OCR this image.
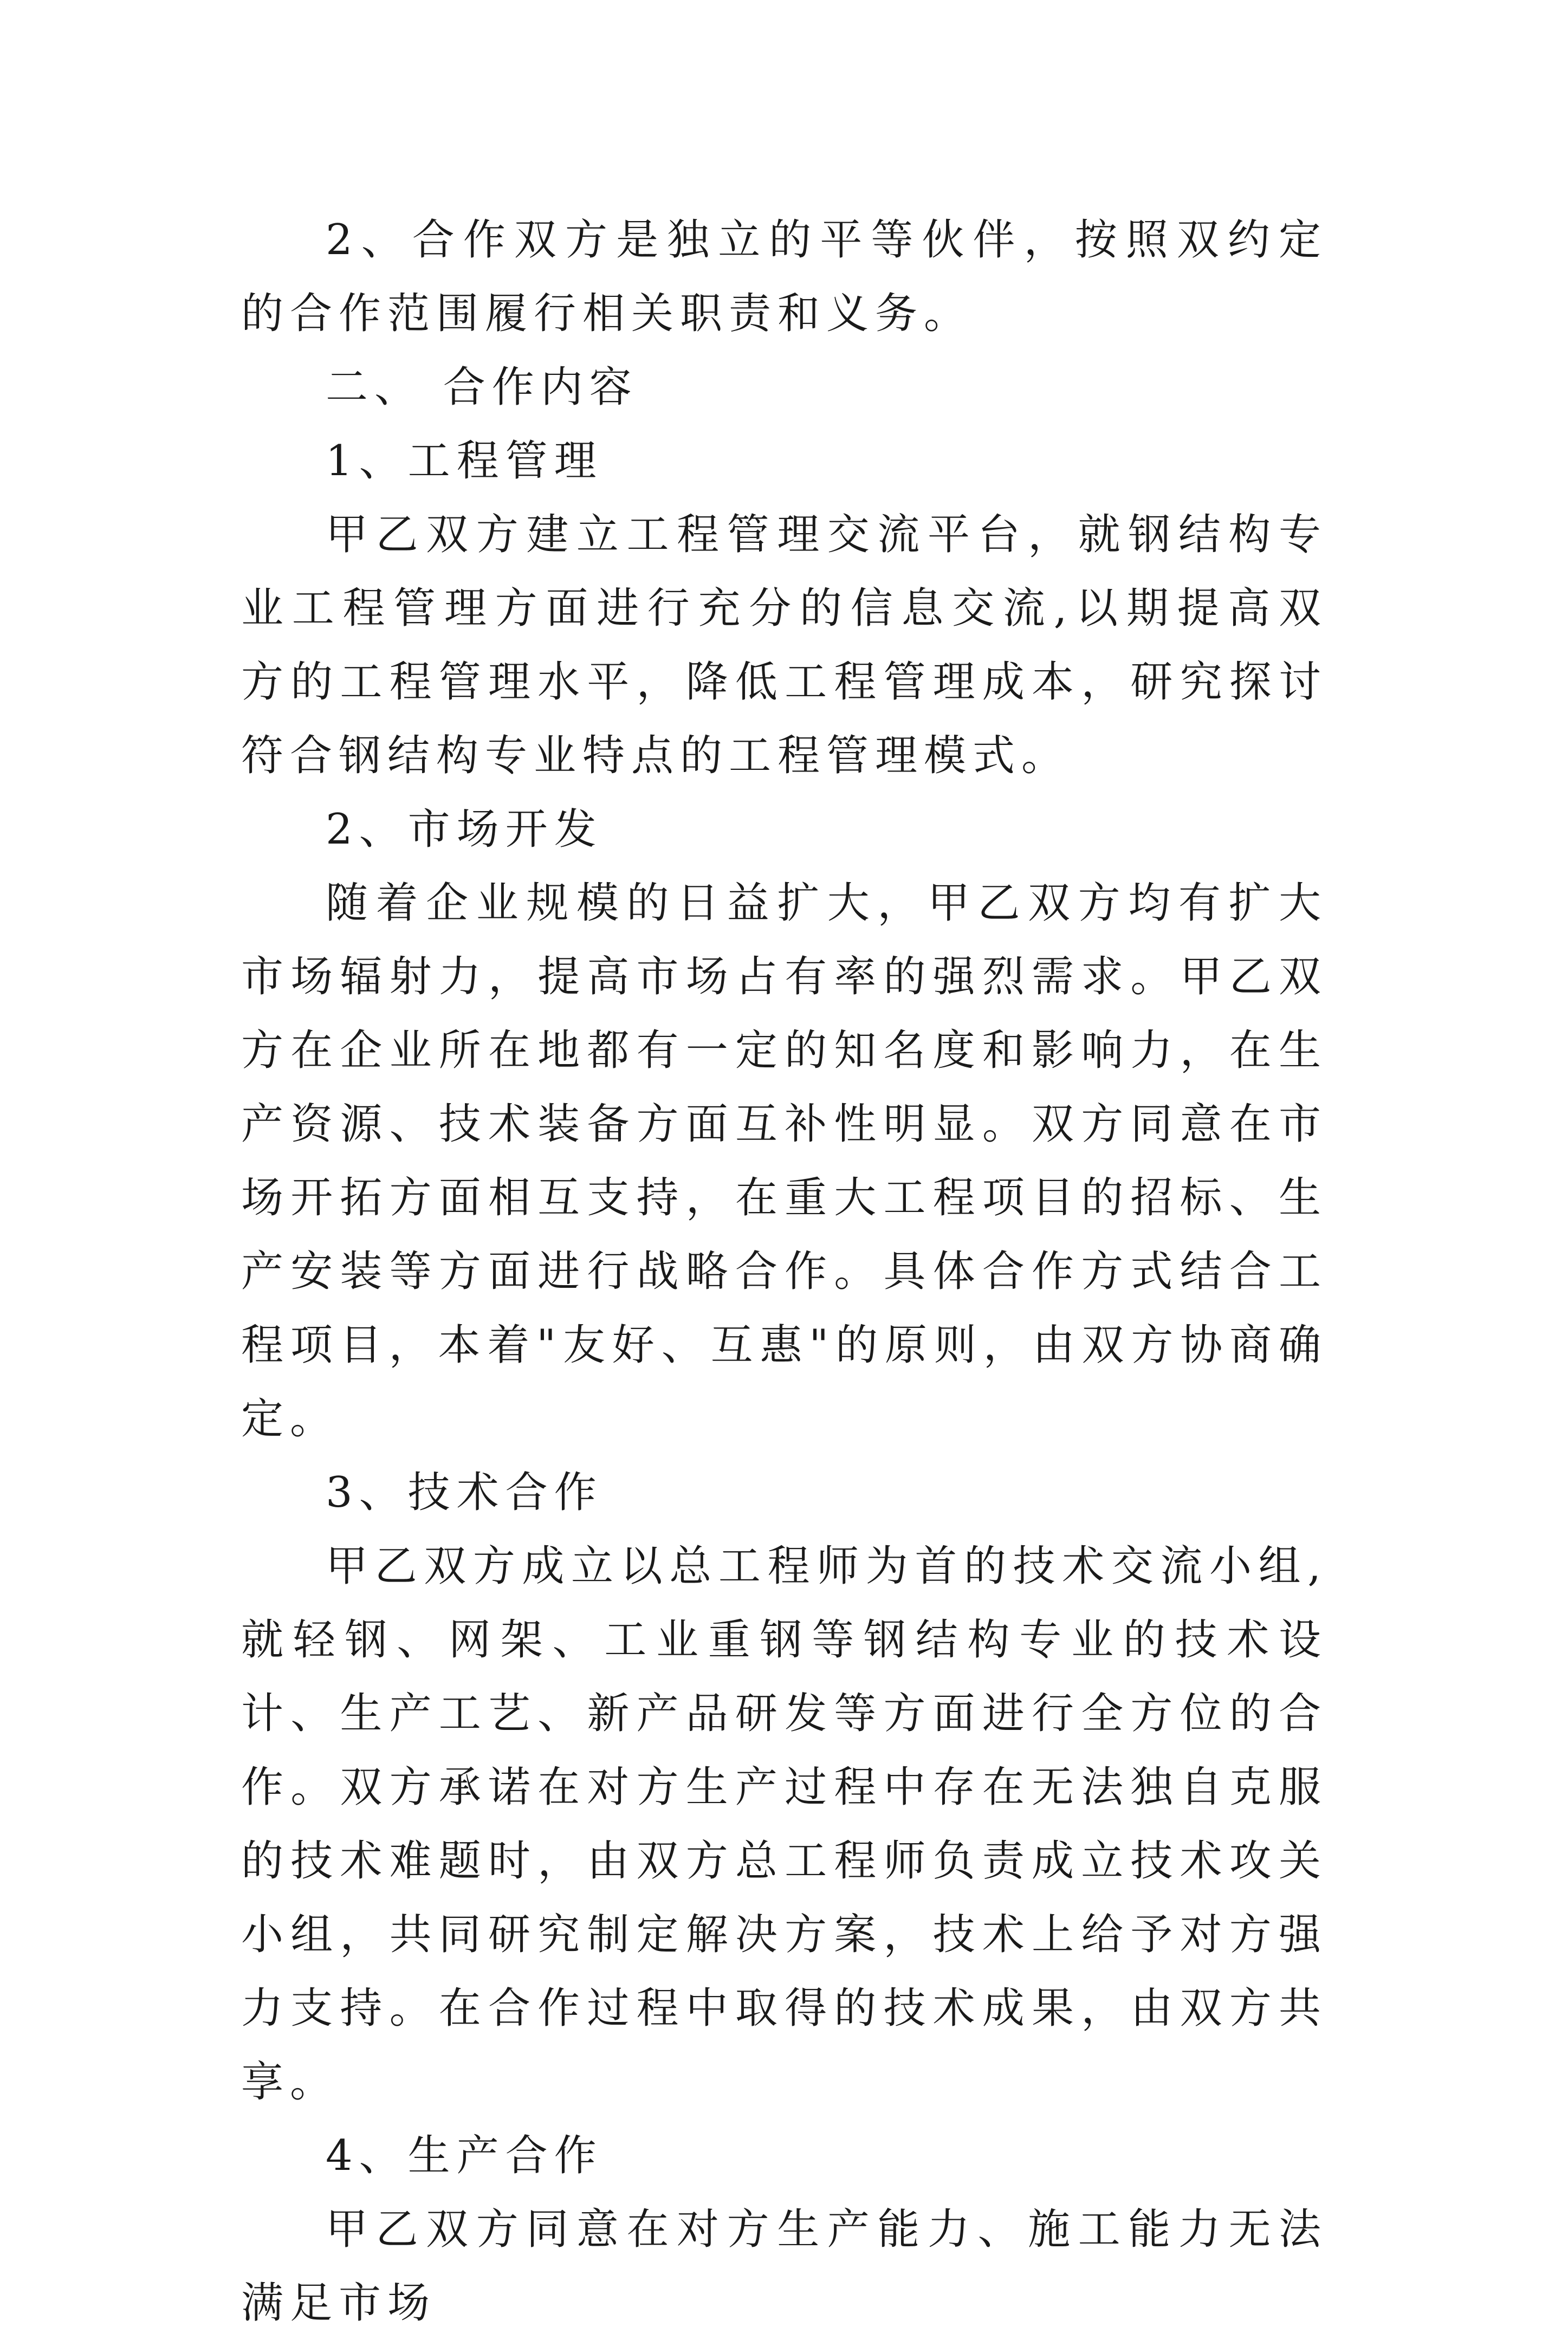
2、合作双方是独立的平等伙伴，按照双约定的合作范围履行相关职责和义务。

二、 合作内容

1、工程管理

甲乙双方建立工程管理交流平台，就钢结构专业工程管理方面进行充分的信息交流,以期提高双方的工程管理水平，降低工程管理成本，研究探讨符合钢结构专业特点的工程管理模式。

2、市场开发

随着企业规模的日益扩大，甲乙双方均有扩大市场辐射力，提高市场占有率的强烈需求。甲乙双方在企业所在地都有一定的知名度和影响力，在生产资源、技术装备方面互补性明显。双方同意在市场开拓方面相互支持，在重大工程项目的招标、生产安装等方面进行战略合作。具体合作方式结合工程项目，本着"友好、互惠"的原则，由双方协商确定。

3、技术合作

甲乙双方成立以总工程师为首的技术交流小组,就轻钢、网架、工业重钢等钢结构专业的技术设计、生产工艺、新产品研发等方面进行全方位的合作。双方承诺在对方生产过程中存在无法独自克服的技术难题时，由双方总工程师负责成立技术攻关小组，共同研究制定解决方案，技术上给予对方强力支持。在合作过程中取得的技术成果，由双方共享。

4、生产合作

甲乙双方同意在对方生产能力、施工能力无法满足市场
